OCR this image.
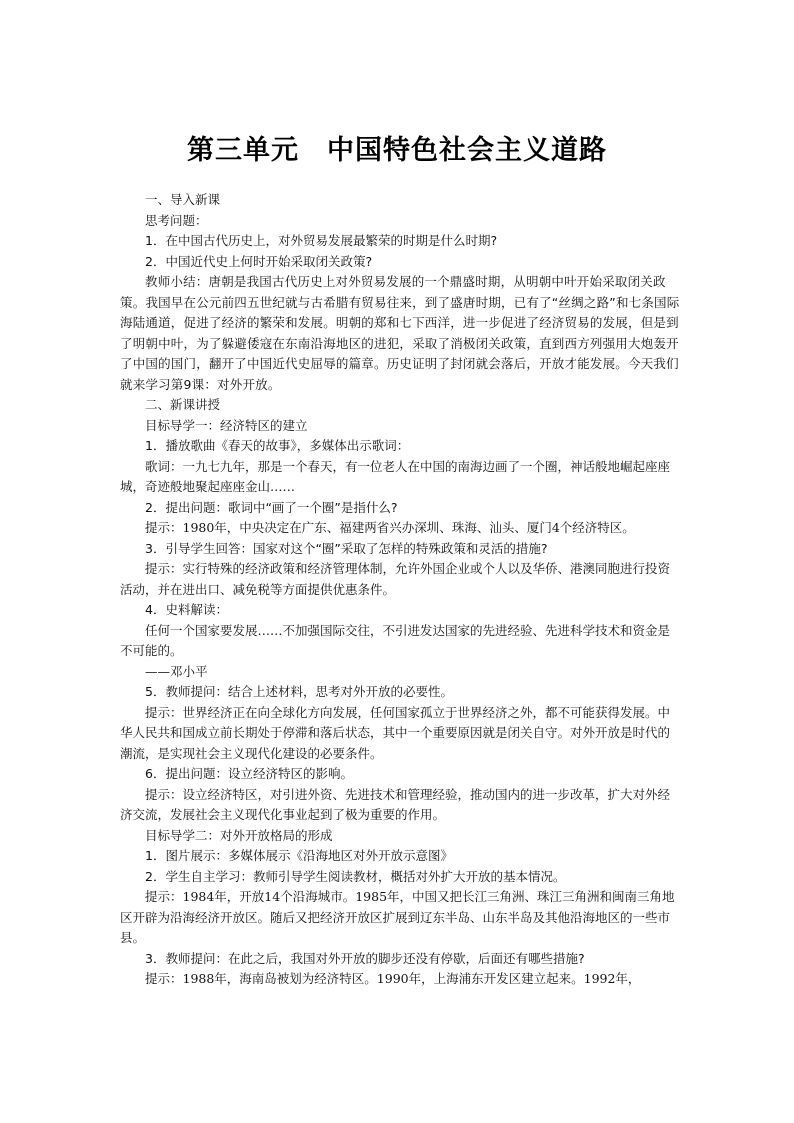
第三单元　中国特色社会主义道路

一、导入新课

思考问题：

1．在中国古代历史上，对外贸易发展最繁荣的时期是什么时期?

2．中国近代史上何时开始采取闭关政策?

教师小结：唐朝是我国古代历史上对外贸易发展的一个鼎盛时期，从明朝中叶开始采取闭关政策。我国早在公元前四五世纪就与古希腊有贸易往来，到了盛唐时期，已有了“丝绸之路”和七条国际海陆通道，促进了经济的繁荣和发展。明朝的郑和七下西洋，进一步促进了经济贸易的发展，但是到了明朝中叶，为了躲避倭寇在东南沿海地区的进犯，采取了消极闭关政策，直到西方列强用大炮轰开了中国的国门，翻开了中国近代史屈辱的篇章。历史证明了封闭就会落后，开放才能发展。今天我们就来学习第9课：对外开放。

二、新课讲授

目标导学一：经济特区的建立

1．播放歌曲《春天的故事》，多媒体出示歌词：

歌词：一九七九年，那是一个春天，有一位老人在中国的南海边画了一个圈，神话般地崛起座座城，奇迹般地聚起座座金山……

2．提出问题：歌词中“画了一个圈”是指什么?

提示：1980年，中央决定在广东、福建两省兴办深圳、珠海、汕头、厦门4个经济特区。

3．引导学生回答：国家对这个“圈”采取了怎样的特殊政策和灵活的措施?

提示：实行特殊的经济政策和经济管理体制，允许外国企业或个人以及华侨、港澳同胞进行投资活动，并在进出口、减免税等方面提供优惠条件。

4．史料解读：

任何一个国家要发展……不加强国际交往，不引进发达国家的先进经验、先进科学技术和资金是不可能的。

——邓小平

5．教师提问：结合上述材料，思考对外开放的必要性。

提示：世界经济正在向全球化方向发展，任何国家孤立于世界经济之外，都不可能获得发展。中华人民共和国成立前长期处于停滞和落后状态，其中一个重要原因就是闭关自守。对外开放是时代的潮流，是实现社会主义现代化建设的必要条件。

6．提出问题：设立经济特区的影响。

提示：设立经济特区，对引进外资、先进技术和管理经验，推动国内的进一步改革，扩大对外经济交流，发展社会主义现代化事业起到了极为重要的作用。

目标导学二：对外开放格局的形成

1．图片展示：多媒体展示《沿海地区对外开放示意图》

2．学生自主学习：教师引导学生阅读教材，概括对外扩大开放的基本情况。

提示：1984年，开放14个沿海城市。1985年，中国又把长江三角洲、珠江三角洲和闽南三角地区开辟为沿海经济开放区。随后又把经济开放区扩展到辽东半岛、山东半岛及其他沿海地区的一些市县。

3．教师提问：在此之后，我国对外开放的脚步还没有停歇，后面还有哪些措施?

提示：1988年，海南岛被划为经济特区。1990年，上海浦东开发区建立起来。1992年，
